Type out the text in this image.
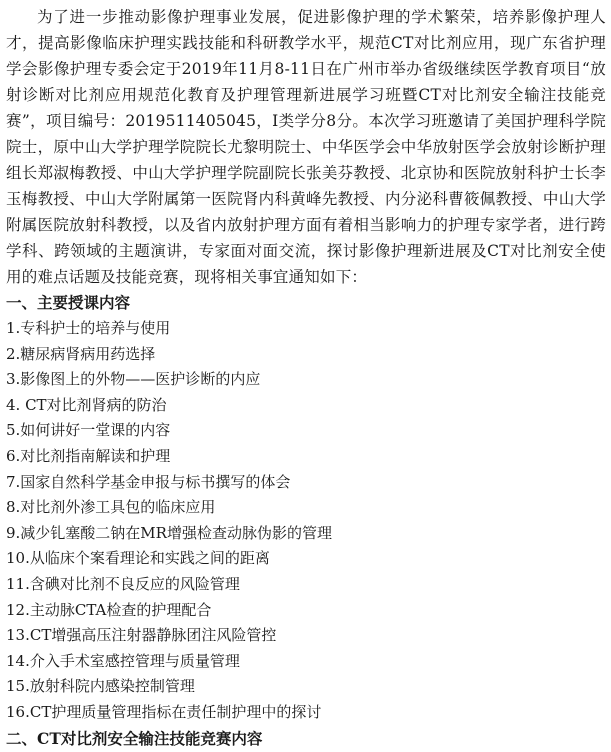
为了进一步推动影像护理事业发展，促进影像护理的学术繁荣，培养影像护理人才，提高影像临床护理实践技能和科研教学水平，规范CT对比剂应用，现广东省护理学会影像护理专委会定于2019年11月8-11日在广州市举办省级继续医学教育项目“放射诊断对比剂应用规范化教育及护理管理新进展学习班暨CT对比剂安全输注技能竞赛”，项目编号：2019511405045，Ⅰ类学分8分。本次学习班邀请了美国护理科学院院士，原中山大学护理学院院长尤黎明院士、中华医学会中华放射医学会放射诊断护理组长郑淑梅教授、中山大学护理学院副院长张美芬教授、北京协和医院放射科护士长李玉梅教授、中山大学附属第一医院肾内科黄峰先教授、内分泌科曹筱佩教授、中山大学附属医院放射科教授，以及省内放射护理方面有着相当影响力的护理专家学者，进行跨学科、跨领域的主题演讲，专家面对面交流，探讨影像护理新进展及CT对比剂安全使用的难点话题及技能竞赛，现将相关事宜通知如下：

一、主要授课内容
1.专科护士的培养与使用
2.糖尿病肾病用药选择
3.影像图上的外物——医护诊断的内应
4. CT对比剂肾病的防治
5.如何讲好一堂课的内容
6.对比剂指南解读和护理
7.国家自然科学基金申报与标书撰写的体会
8.对比剂外渗工具包的临床应用
9.减少钆塞酸二钠在MR增强检查动脉伪影的管理
10.从临床个案看理论和实践之间的距离
11.含碘对比剂不良反应的风险管理
12.主动脉CTA检查的护理配合
13.CT增强高压注射器静脉团注风险管控
14.介入手术室感控管理与质量管理
15.放射科院内感染控制管理
16.CT护理质量管理指标在责任制护理中的探讨
二、CT对比剂安全输注技能竞赛内容
